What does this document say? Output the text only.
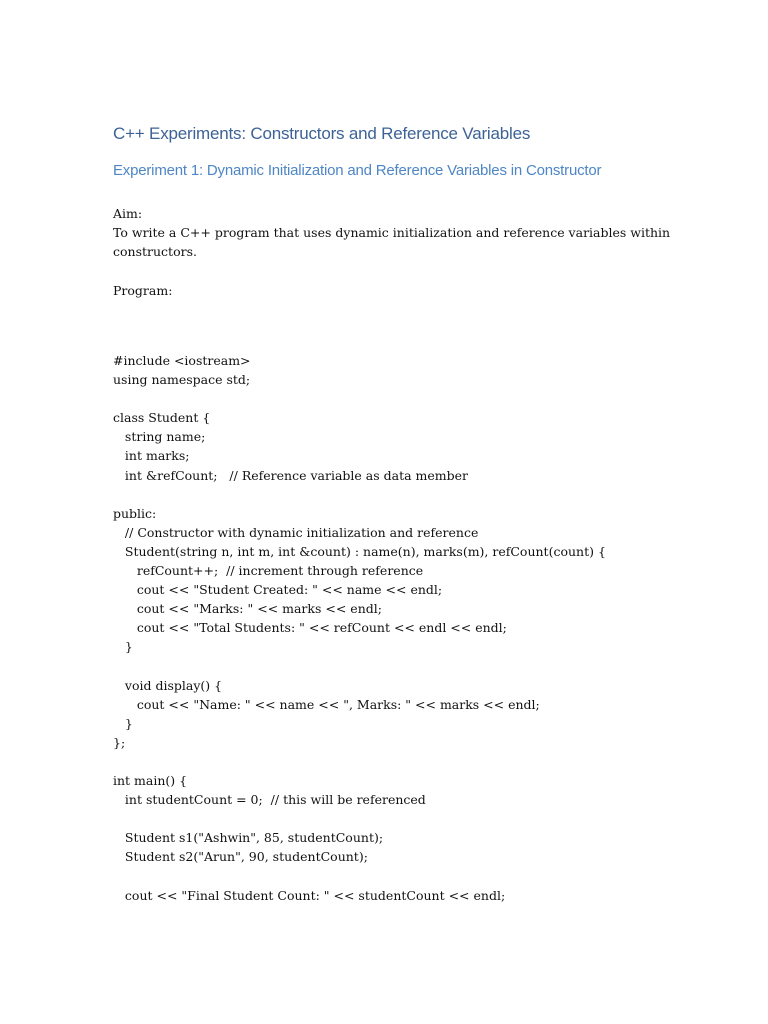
C++ Experiments: Constructors and Reference Variables
Experiment 1: Dynamic Initialization and Reference Variables in Constructor
Aim:
To write a C++ program that uses dynamic initialization and reference variables within
constructors.
Program:
#include <iostream>
using namespace std;
class Student {
string name;
int marks;
int &refCount;   // Reference variable as data member
public:
// Constructor with dynamic initialization and reference
Student(string n, int m, int &count) : name(n), marks(m), refCount(count) {
refCount++;  // increment through reference
cout << "Student Created: " << name << endl;
cout << "Marks: " << marks << endl;
cout << "Total Students: " << refCount << endl << endl;
}
void display() {
cout << "Name: " << name << ", Marks: " << marks << endl;
}
};
int main() {
int studentCount = 0;  // this will be referenced
Student s1("Ashwin", 85, studentCount);
Student s2("Arun", 90, studentCount);
cout << "Final Student Count: " << studentCount << endl;
